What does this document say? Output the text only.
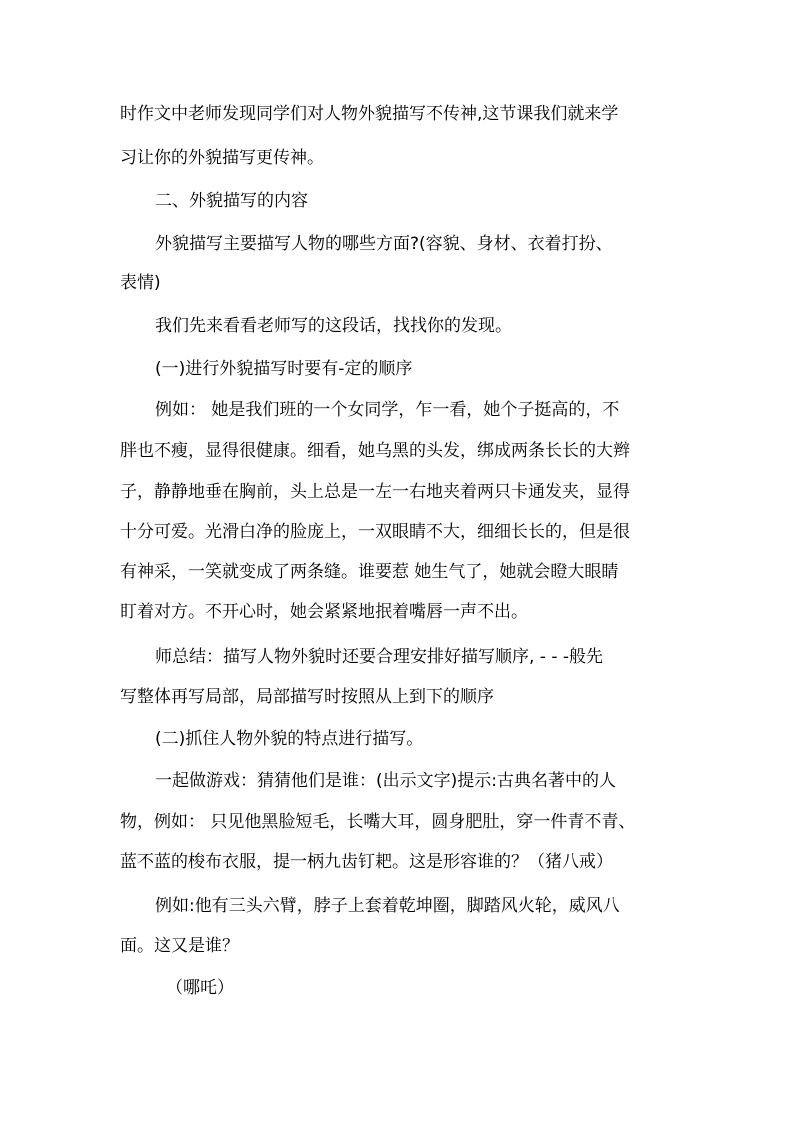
时作文中老师发现同学们对人物外貌描写不传神,这节课我们就来学
习让你的外貌描写更传神。
二、外貌描写的内容
外貌描写主要描写人物的哪些方面?(容貌、身材、衣着打扮、
表情)
我们先来看看老师写的这段话，找找你的发现。
(一)进行外貌描写时要有-定的顺序
例如： 她是我们班的一个女同学，乍一看，她个子挺高的，不
胖也不瘦，显得很健康。细看，她乌黑的头发，绑成两条长长的大辫
子，静静地垂在胸前，头上总是一左一右地夹着两只卡通发夹，显得
十分可爱。光滑白净的脸庞上，一双眼睛不大，细细长长的，但是很
有神采，一笑就变成了两条缝。谁要惹 她生气了，她就会瞪大眼睛
盯着对方。不开心时，她会紧紧地抿着嘴唇一声不出。
师总结：描写人物外貌时还要合理安排好描写顺序, - - -般先
写整体再写局部，局部描写时按照从上到下的顺序
(二)抓住人物外貌的特点进行描写。
一起做游戏：猜猜他们是谁：(出示文字)提示:古典名著中的人
物，例如： 只见他黑脸短毛，长嘴大耳，圆身肥肚，穿一件青不青、
蓝不蓝的梭布衣服，提一柄九齿钉耙。这是形容谁的？（猪八戒）
例如:他有三头六臂，脖子上套着乾坤圈，脚踏风火轮，威风八
面。这又是谁？
（哪吒）
